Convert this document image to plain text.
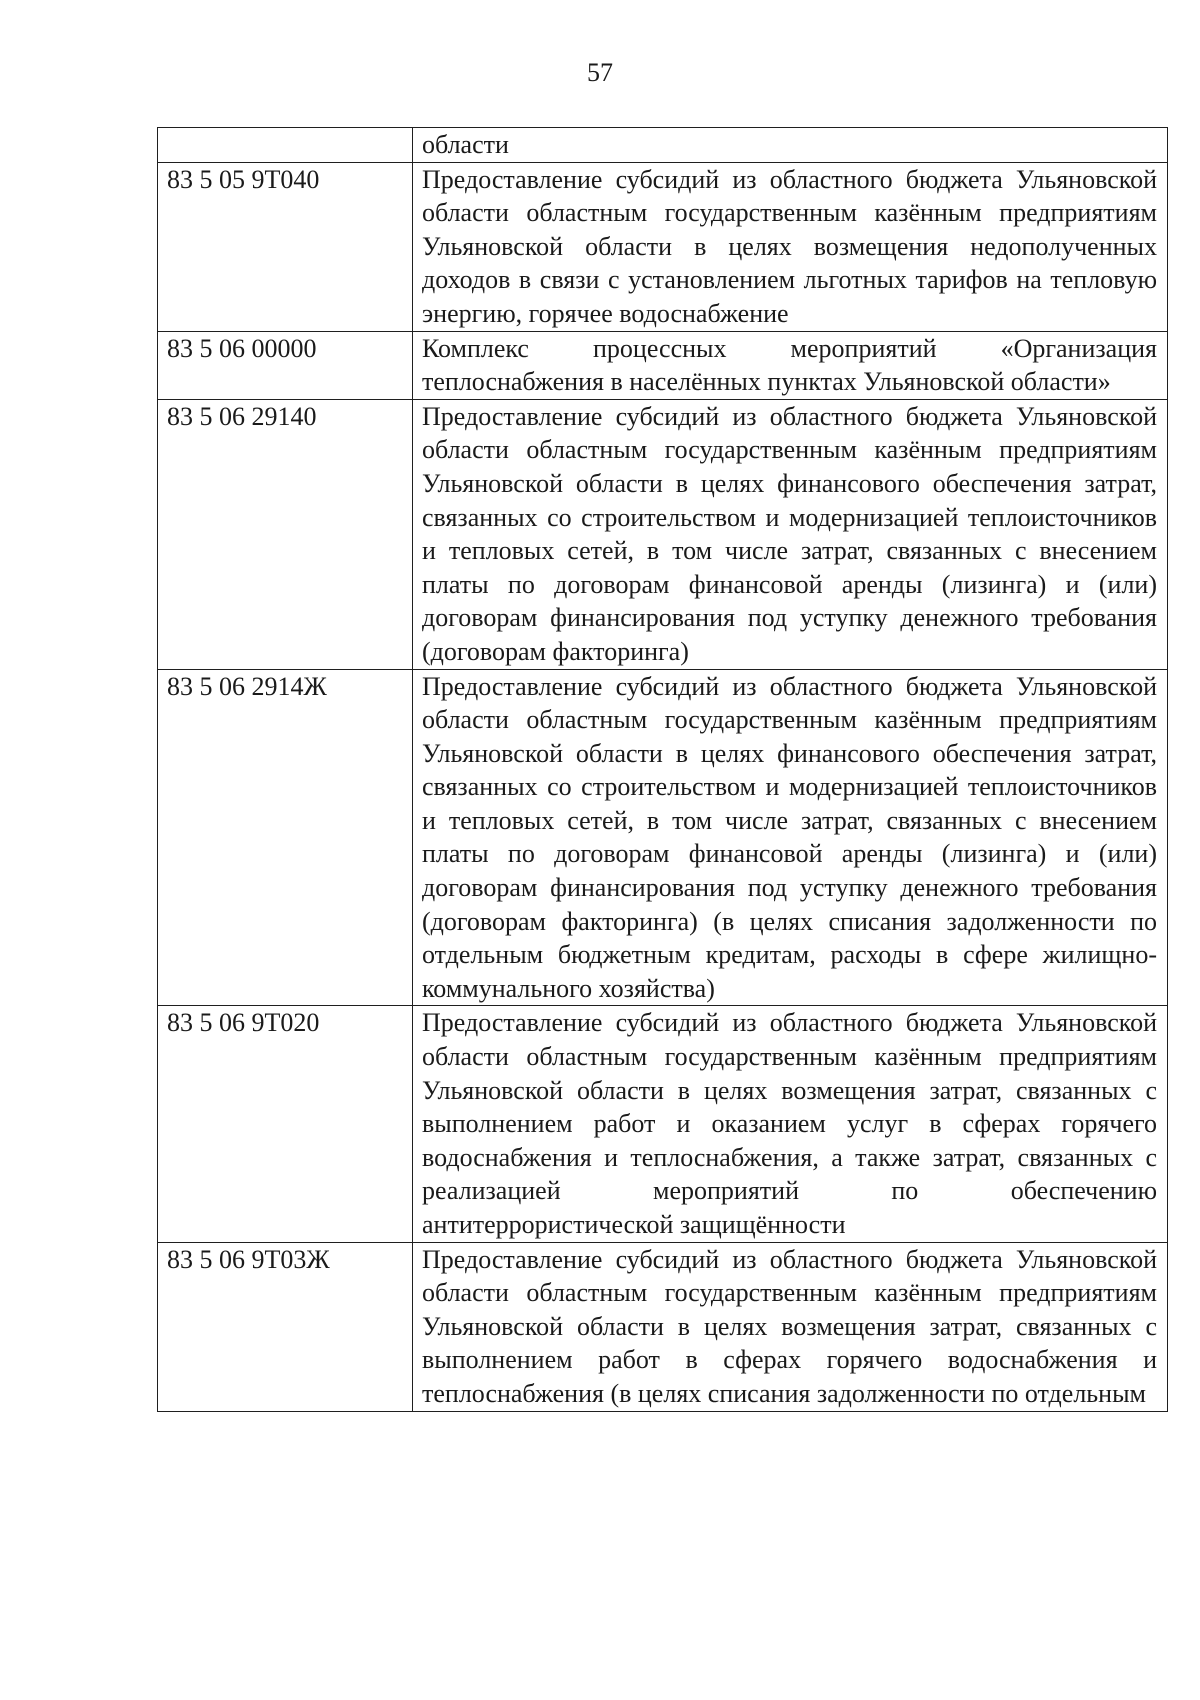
57
	области
83 5 05 9Т040	Предоставление субсидий из областного бюджета Ульяновской области областным государственным казённым предприятиям Ульяновской области в целях возмещения недополученных доходов в связи с установлением льготных тарифов на тепловую энергию, горячее водоснабжение
83 5 06 00000	Комплекс процессных мероприятий «Организация теплоснабжения в населённых пунктах Ульяновской области»
83 5 06 29140	Предоставление субсидий из областного бюджета Ульяновской области областным государственным казённым предприятиям Ульяновской области в целях финансового обеспечения затрат, связанных со строительством и модернизацией теплоисточников и тепловых сетей, в том числе затрат, связанных с внесением платы по договорам финансовой аренды (лизинга) и (или) договорам финансирования под уступку денежного требования (договорам факторинга)
83 5 06 2914Ж	Предоставление субсидий из областного бюджета Ульяновской области областным государственным казённым предприятиям Ульяновской области в целях финансового обеспечения затрат, связанных со строительством и модернизацией теплоисточников и тепловых сетей, в том числе затрат, связанных с внесением платы по договорам финансовой аренды (лизинга) и (или) договорам финансирования под уступку денежного требования (договорам факторинга) (в целях списания задолженности по отдельным бюджетным кредитам, расходы в сфере жилищно-коммунального хозяйства)
83 5 06 9Т020	Предоставление субсидий из областного бюджета Ульяновской области областным государственным казённым предприятиям Ульяновской области в целях возмещения затрат, связанных с выполнением работ и оказанием услуг в сферах горячего водоснабжения и теплоснабжения, а также затрат, связанных с реализацией мероприятий по обеспечению антитеррористической защищённости
83 5 06 9Т03Ж	Предоставление субсидий из областного бюджета Ульяновской области областным государственным казённым предприятиям Ульяновской области в целях возмещения затрат, связанных с выполнением работ в сферах горячего водоснабжения и теплоснабжения (в целях списания задолженности по отдельным
